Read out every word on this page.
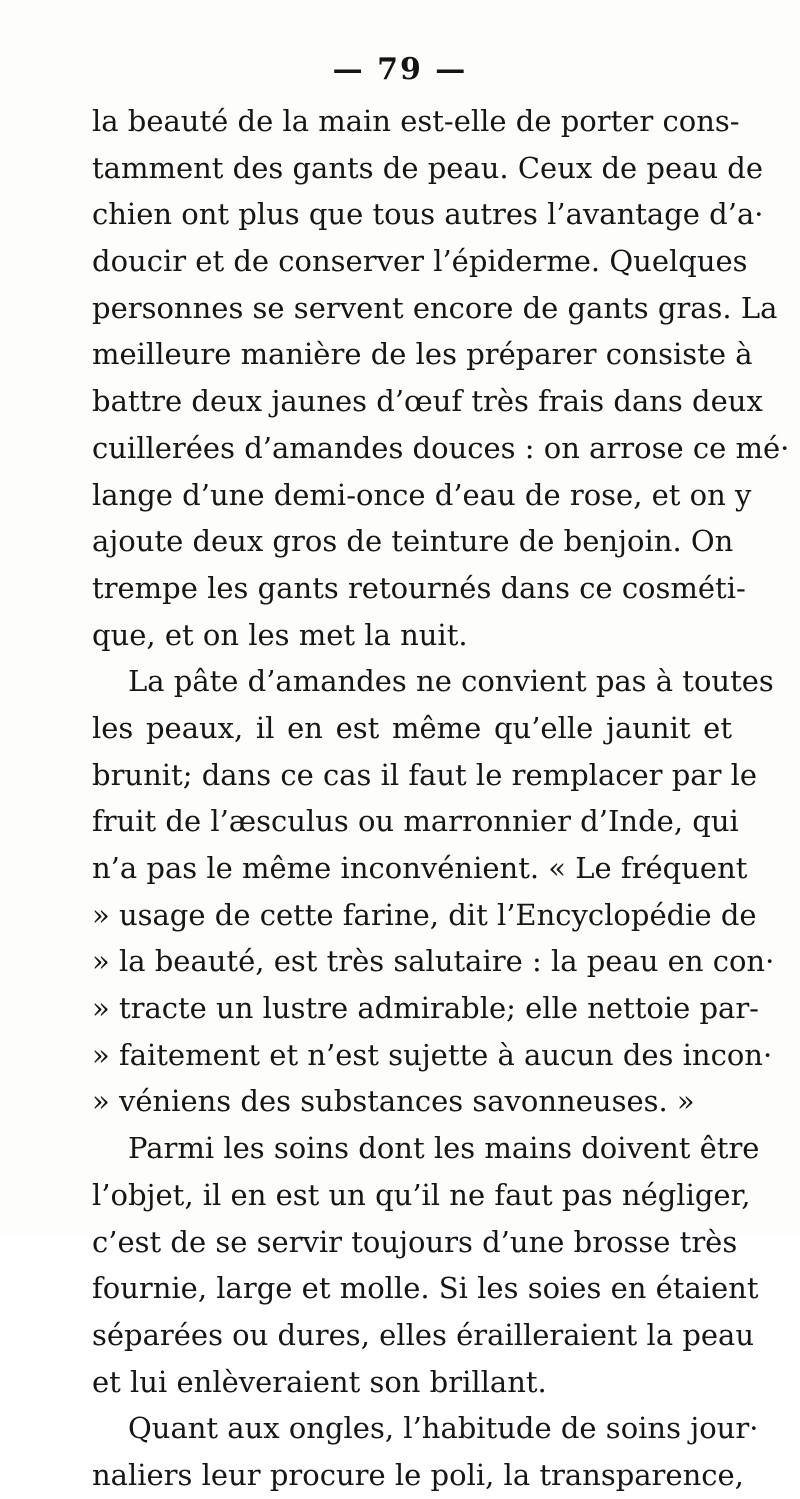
— 79 —
la beauté de la main est-elle de porter cons-
tamment des gants de peau. Ceux de peau de
chien ont plus que tous autres l’avantage d’a·
doucir et de conserver l’épiderme. Quelques
personnes se servent encore de gants gras. La
meilleure manière de les préparer consiste à
battre deux jaunes d’œuf très frais dans deux
cuillerées d’amandes douces : on arrose ce mé·
lange d’une demi-once d’eau de rose, et on y
ajoute deux gros de teinture de benjoin. On
trempe les gants retournés dans ce cosméti-
que, et on les met la nuit.
La pâte d’amandes ne convient pas à toutes
les peaux, il en est même qu’elle jaunit et
brunit; dans ce cas il faut le remplacer par le
fruit de l’æsculus ou marronnier d’Inde, qui
n’a pas le même inconvénient. « Le fréquent
» usage de cette farine, dit l’Encyclopédie de
» la beauté, est très salutaire : la peau en con·
» tracte un lustre admirable; elle nettoie par-
» faitement et n’est sujette à aucun des incon·
» véniens des substances savonneuses. »
Parmi les soins dont les mains doivent être
l’objet, il en est un qu’il ne faut pas négliger,
c’est de se servir toujours d’une brosse très
fournie, large et molle. Si les soies en étaient
séparées ou dures, elles érailleraient la peau
et lui enlèveraient son brillant.
Quant aux ongles, l’habitude de soins jour·
naliers leur procure le poli, la transparence,
